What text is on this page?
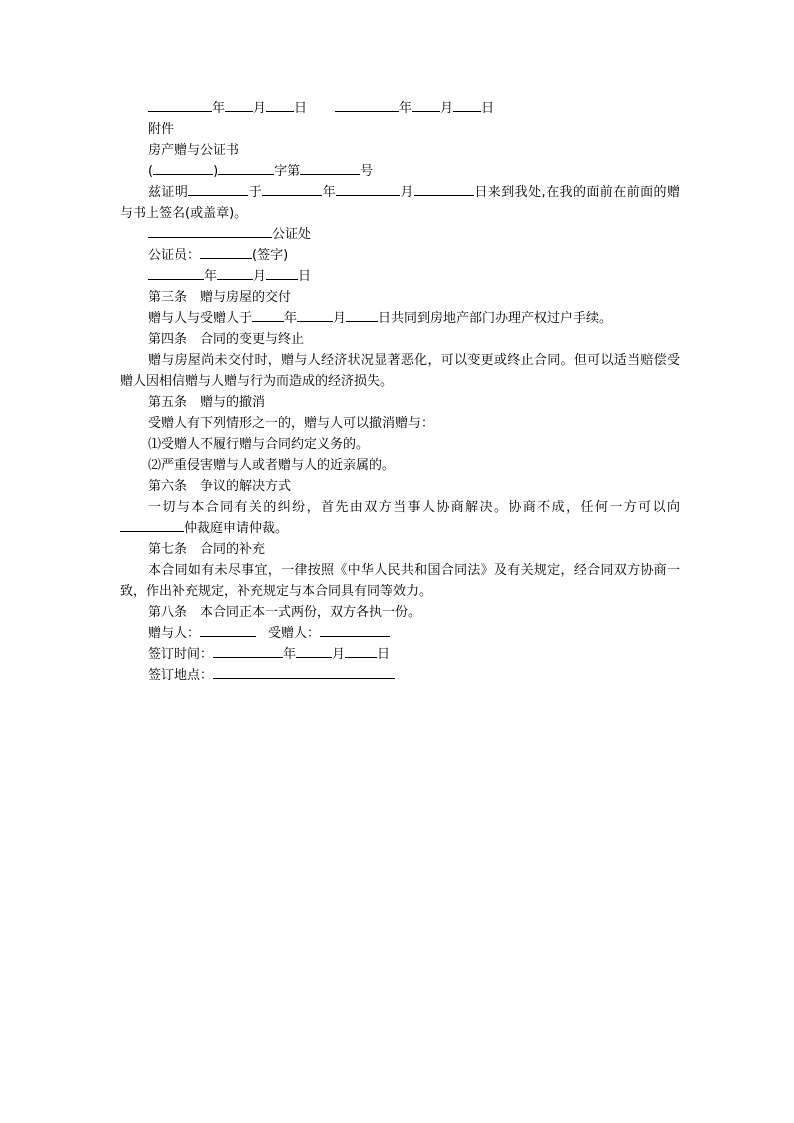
年 月 日	年 月 日
附件
房产赠与公证书
(	)	字第	号
兹证明	于	年	月	日来到我处,在我的面前在前面的赠与书上签名(或盖章)。
公证处
公证员：	(签字)
年	月 日
第三条　赠与房屋的交付
赠与人与受赠人于 年	月 日共同到房地产部门办理产权过户手续。
第四条　合同的变更与终止
赠与房屋尚未交付时，赠与人经济状况显著恶化，可以变更或终止合同。但可以适当赔偿受赠人因相信赠与人赠与行为而造成的经济损失。
第五条　赠与的撤消
受赠人有下列情形之一的，赠与人可以撤消赠与：
⑴受赠人不履行赠与合同约定义务的。
⑵严重侵害赠与人或者赠与人的近亲属的。
第六条　争议的解决方式
一切与本合同有关的纠纷，首先由双方当事人协商解决。协商不成，任何一方可以向仲裁庭申请仲裁。
第七条　合同的补充
本合同如有未尽事宜，一律按照《中华人民共和国合同法》及有关规定，经合同双方协商一致，作出补充规定，补充规定与本合同具有同等效力。
第八条　本合同正本一式两份，双方各执一份。
赠与人：	受赠人：
签订时间：	年	月 日
签订地点：
